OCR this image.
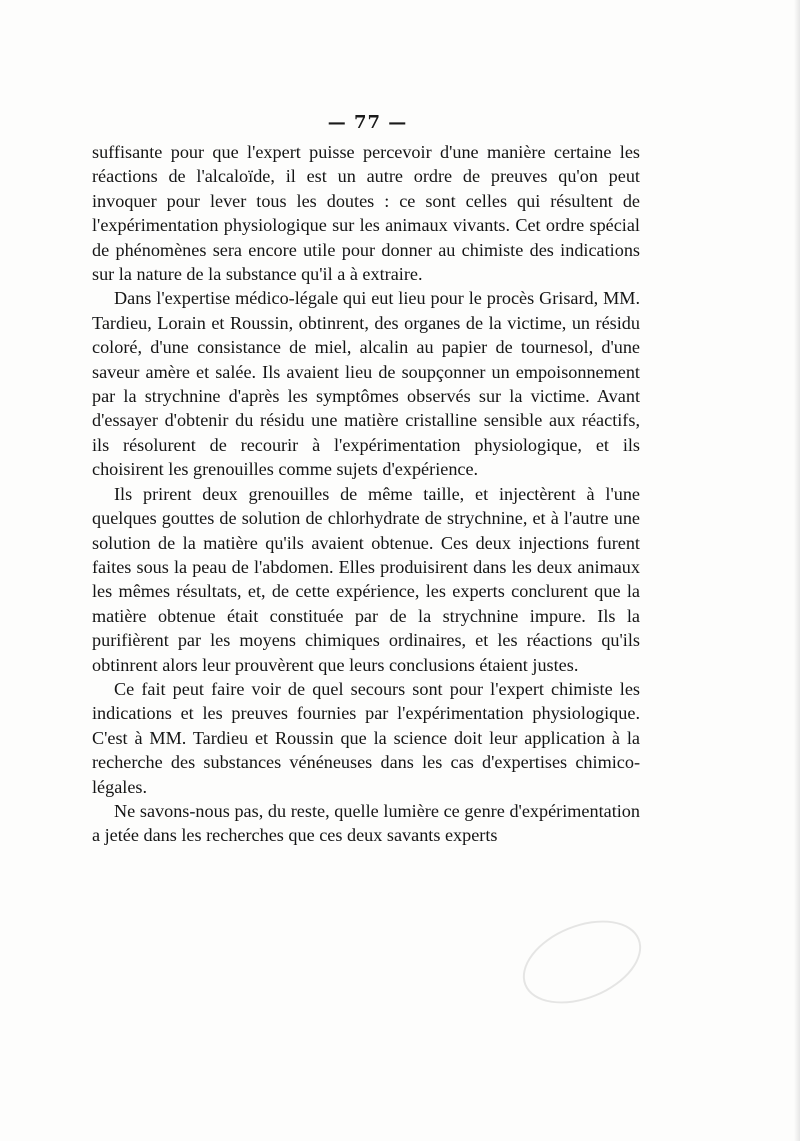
— 77 —

suffisante pour que l'expert puisse percevoir d'une manière certaine les réactions de l'alcaloïde, il est un autre ordre de preuves qu'on peut invoquer pour lever tous les doutes : ce sont celles qui résultent de l'expérimentation physiologique sur les animaux vivants. Cet ordre spécial de phénomènes sera encore utile pour donner au chimiste des indications sur la nature de la substance qu'il a à extraire.

Dans l'expertise médico-légale qui eut lieu pour le procès Grisard, MM. Tardieu, Lorain et Roussin, obtinrent, des organes de la victime, un résidu coloré, d'une consistance de miel, alcalin au papier de tournesol, d'une saveur amère et salée. Ils avaient lieu de soupçonner un empoisonnement par la strychnine d'après les symptômes observés sur la victime. Avant d'essayer d'obtenir du résidu une matière cristalline sensible aux réactifs, ils résolurent de recourir à l'expérimentation physiologique, et ils choisirent les grenouilles comme sujets d'expérience.

Ils prirent deux grenouilles de même taille, et injectèrent à l'une quelques gouttes de solution de chlorhydrate de strychnine, et à l'autre une solution de la matière qu'ils avaient obtenue. Ces deux injections furent faites sous la peau de l'abdomen. Elles produisirent dans les deux animaux les mêmes résultats, et, de cette expérience, les experts conclurent que la matière obtenue était constituée par de la strychnine impure. Ils la purifièrent par les moyens chimiques ordinaires, et les réactions qu'ils obtinrent alors leur prouvèrent que leurs conclusions étaient justes.

Ce fait peut faire voir de quel secours sont pour l'expert chimiste les indications et les preuves fournies par l'expérimentation physiologique. C'est à MM. Tardieu et Roussin que la science doit leur application à la recherche des substances vénéneuses dans les cas d'expertises chimico-légales.

Ne savons-nous pas, du reste, quelle lumière ce genre d'expérimentation a jetée dans les recherches que ces deux savants experts
